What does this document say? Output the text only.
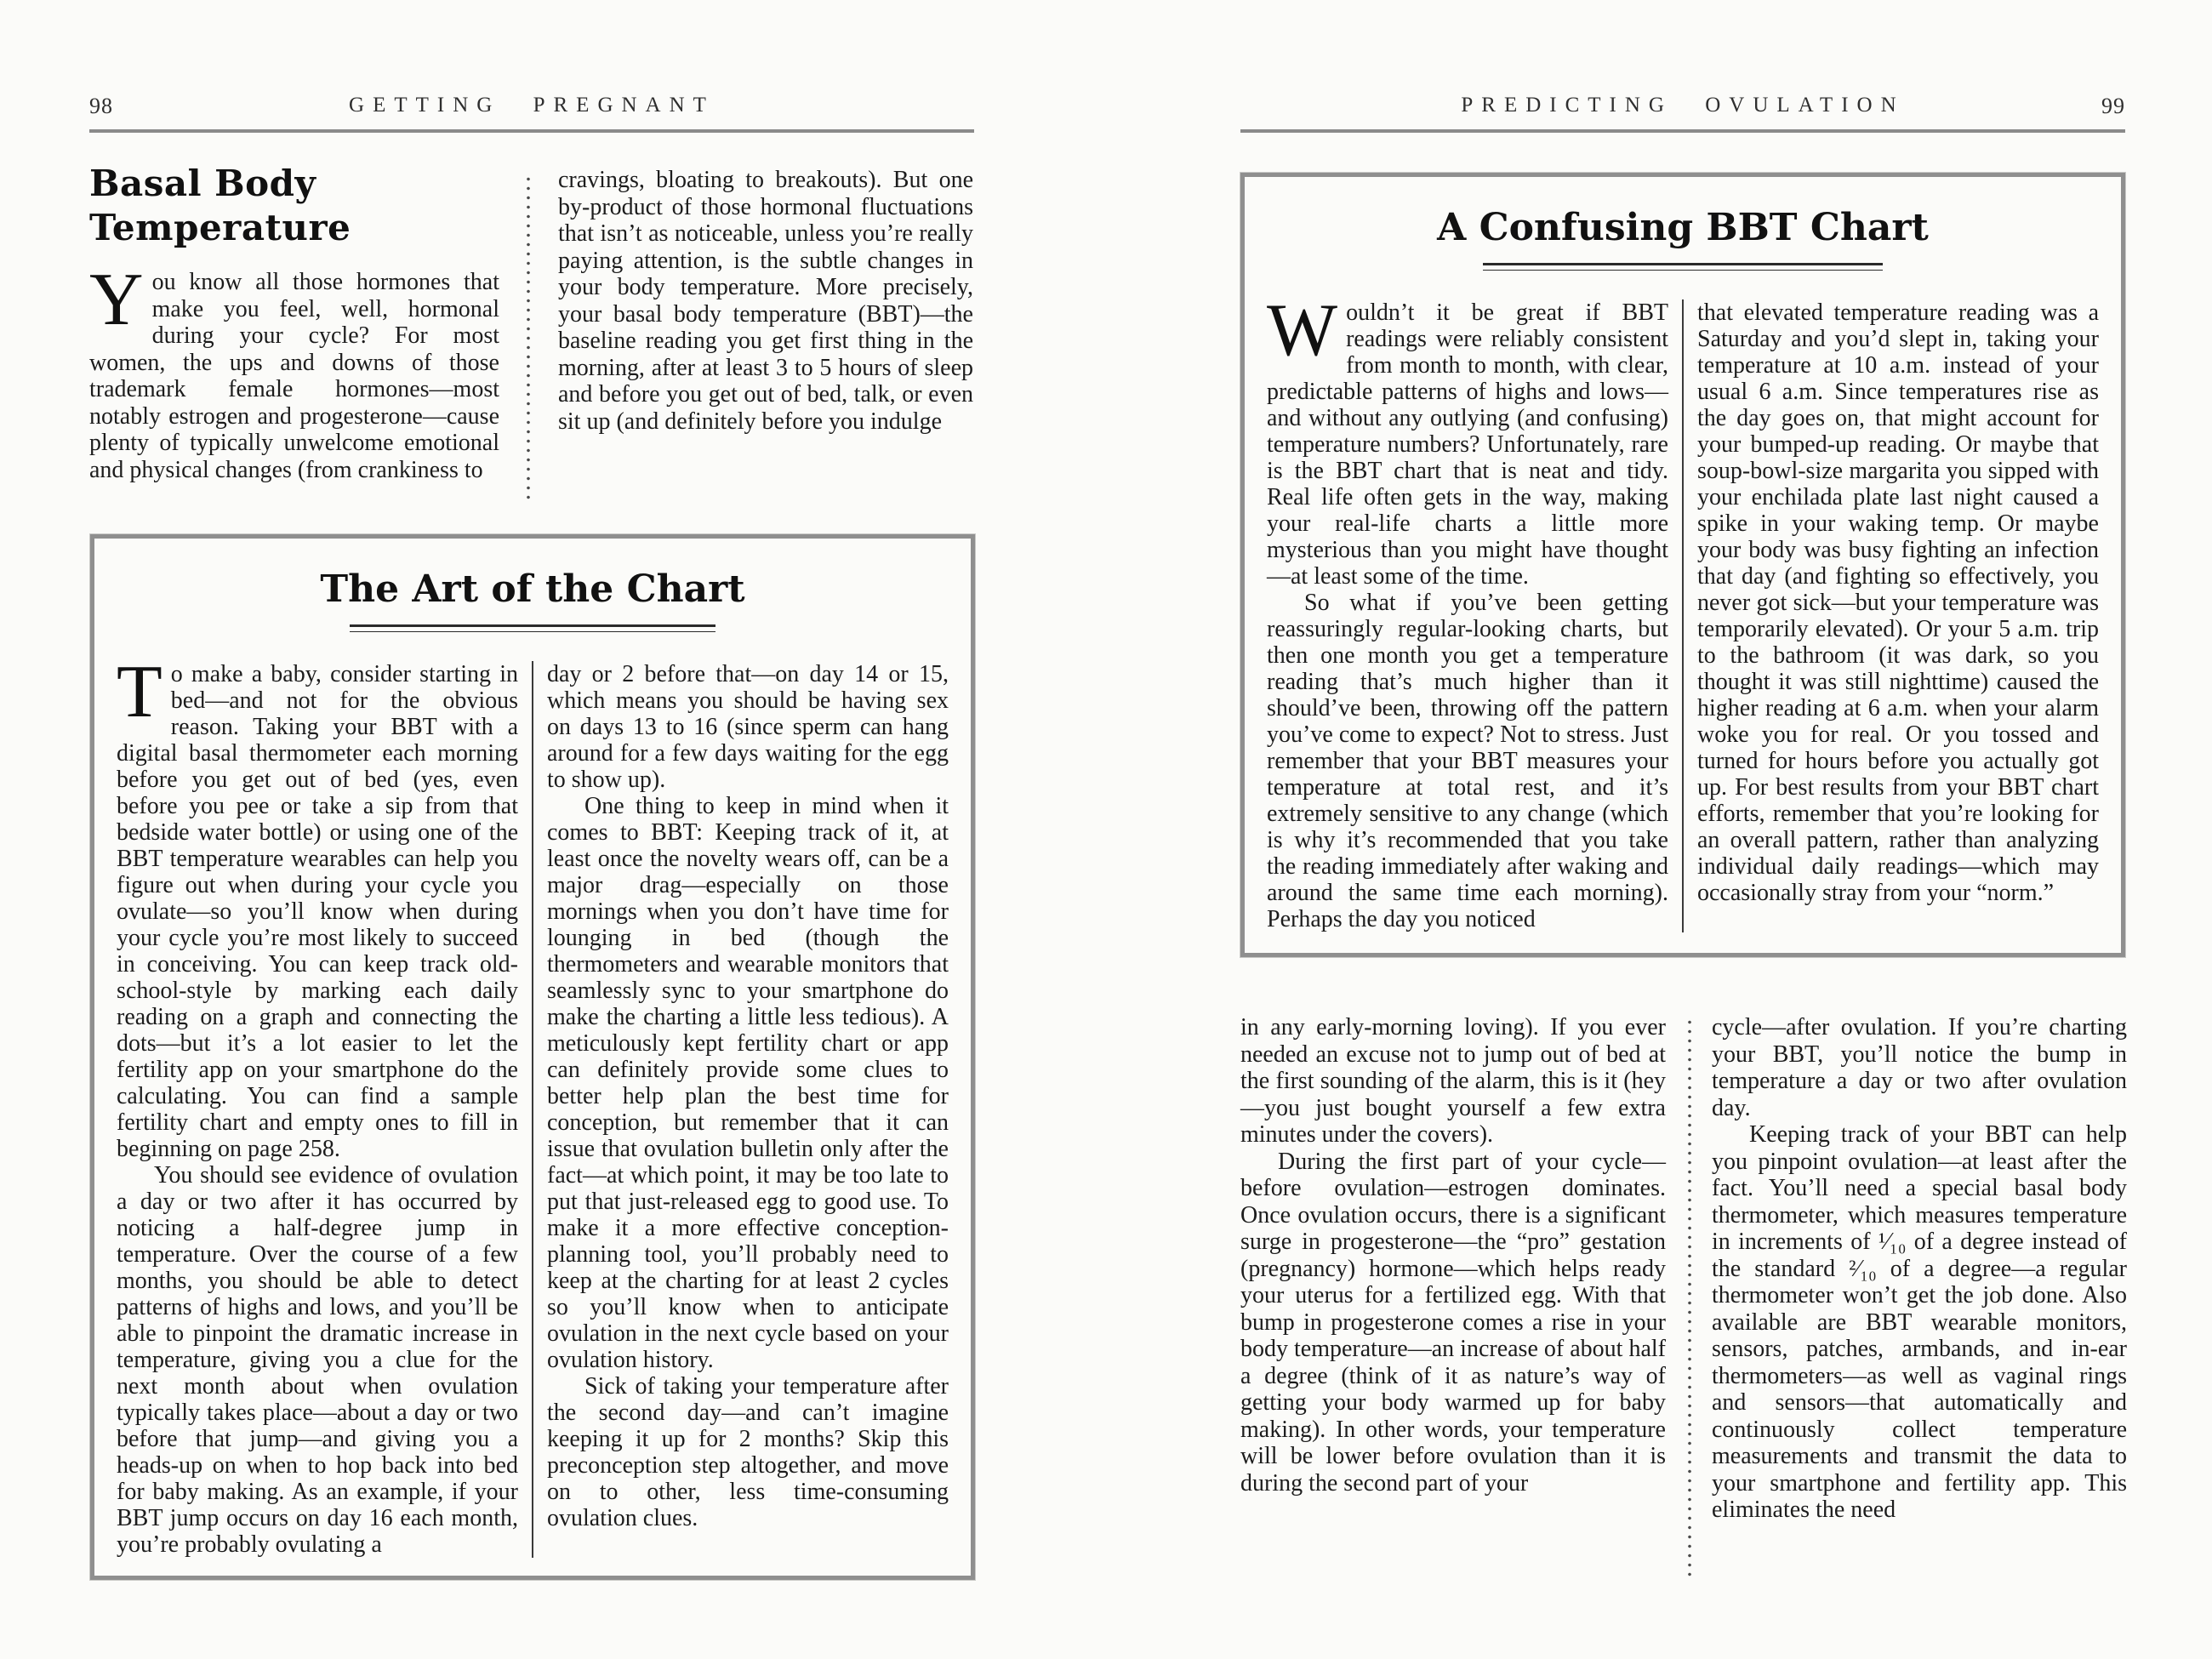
98	GETTING PREGNANT
Basal Body Temperature

You know all those hormones that make you feel, well, hormonal during your cycle? For most women, the ups and downs of those trademark female hormones—most notably estrogen and progesterone—cause plenty of typically unwelcome emotional and physical changes (from crankiness to

cravings, bloating to breakouts). But one by-product of those hormonal fluctuations that isn’t as noticeable, unless you’re really paying attention, is the subtle changes in your body temperature. More precisely, your basal body temperature (BBT)—the baseline reading you get first thing in the morning, after at least 3 to 5 hours of sleep and before you get out of bed, talk, or even sit up (and definitely before you indulge

The Art of the Chart

To make a baby, consider starting in bed—and not for the obvious reason. Taking your BBT with a digital basal thermometer each morning before you get out of bed (yes, even before you pee or take a sip from that bedside water bottle) or using one of the BBT temperature wearables can help you figure out when during your cycle you ovulate—so you’ll know when during your cycle you’re most likely to succeed in conceiving. You can keep track old-school-style by marking each daily reading on a graph and connecting the dots—but it’s a lot easier to let the fertility app on your smartphone do the calculating. You can find a sample fertility chart and empty ones to fill in beginning on page 258.

You should see evidence of ovulation a day or two after it has occurred by noticing a half-degree jump in temperature. Over the course of a few months, you should be able to detect patterns of highs and lows, and you’ll be able to pinpoint the dramatic increase in temperature, giving you a clue for the next month about when ovulation typically takes place—about a day or two before that jump—and giving you a heads-up on when to hop back into bed for baby making. As an example, if your BBT jump occurs on day 16 each month, you’re probably ovulating a

day or 2 before that—on day 14 or 15, which means you should be having sex on days 13 to 16 (since sperm can hang around for a few days waiting for the egg to show up).

One thing to keep in mind when it comes to BBT: Keeping track of it, at least once the novelty wears off, can be a major drag—especially on those mornings when you don’t have time for lounging in bed (though the thermometers and wearable monitors that seamlessly sync to your smartphone do make the charting a little less tedious). A meticulously kept fertility chart or app can definitely provide some clues to better help plan the best time for conception, but remember that it can issue that ovulation bulletin only after the fact—at which point, it may be too late to put that just-released egg to good use. To make it a more effective conception-planning tool, you’ll probably need to keep at the charting for at least 2 cycles so you’ll know when to anticipate ovulation in the next cycle based on your ovulation history.

Sick of taking your temperature after the second day—and can’t imagine keeping it up for 2 months? Skip this preconception step altogether, and move on to other, less time-consuming ovulation clues.

PREDICTING OVULATION	99
A Confusing BBT Chart

Wouldn’t it be great if BBT readings were reliably consistent from month to month, with clear, predictable patterns of highs and lows—and without any outlying (and confusing) temperature numbers? Unfortunately, rare is the BBT chart that is neat and tidy. Real life often gets in the way, making your real-life charts a little more mysterious than you might have thought—at least some of the time.

So what if you’ve been getting reassuringly regular-looking charts, but then one month you get a temperature reading that’s much higher than it should’ve been, throwing off the pattern you’ve come to expect? Not to stress. Just remember that your BBT measures your temperature at total rest, and it’s extremely sensitive to any change (which is why it’s recommended that you take the reading immediately after waking and around the same time each morning). Perhaps the day you noticed

that elevated temperature reading was a Saturday and you’d slept in, taking your temperature at 10 a.m. instead of your usual 6 a.m. Since temperatures rise as the day goes on, that might account for your bumped-up reading. Or maybe that soup-bowl-size margarita you sipped with your enchilada plate last night caused a spike in your waking temp. Or maybe your body was busy fighting an infection that day (and fighting so effectively, you never got sick—but your temperature was temporarily elevated). Or your 5 a.m. trip to the bathroom (it was dark, so you thought it was still nighttime) caused the higher reading at 6 a.m. when your alarm woke you for real. Or you tossed and turned for hours before you actually got up. For best results from your BBT chart efforts, remember that you’re looking for an overall pattern, rather than analyzing individual daily readings—which may occasionally stray from your “norm.”

in any early-morning loving). If you ever needed an excuse not to jump out of bed at the first sounding of the alarm, this is it (hey—you just bought yourself a few extra minutes under the covers).

During the first part of your cycle—before ovulation—estrogen dominates. Once ovulation occurs, there is a significant surge in progesterone—the “pro” gestation (pregnancy) hormone—which helps ready your uterus for a fertilized egg. With that bump in progesterone comes a rise in your body temperature—an increase of about half a degree (think of it as nature’s way of getting your body warmed up for baby making). In other words, your temperature will be lower before ovulation than it is during the second part of your

cycle—after ovulation. If you’re charting your BBT, you’ll notice the bump in temperature a day or two after ovulation day.

Keeping track of your BBT can help you pinpoint ovulation—at least after the fact. You’ll need a special basal body thermometer, which measures temperature in increments of ¹⁄₁₀ of a degree instead of the standard ²⁄₁₀ of a degree—a regular thermometer won’t get the job done. Also available are BBT wearable monitors, sensors, patches, armbands, and in-ear thermometers—as well as vaginal rings and sensors—that automatically and continuously collect temperature measurements and transmit the data to your smartphone and fertility app. This eliminates the need
